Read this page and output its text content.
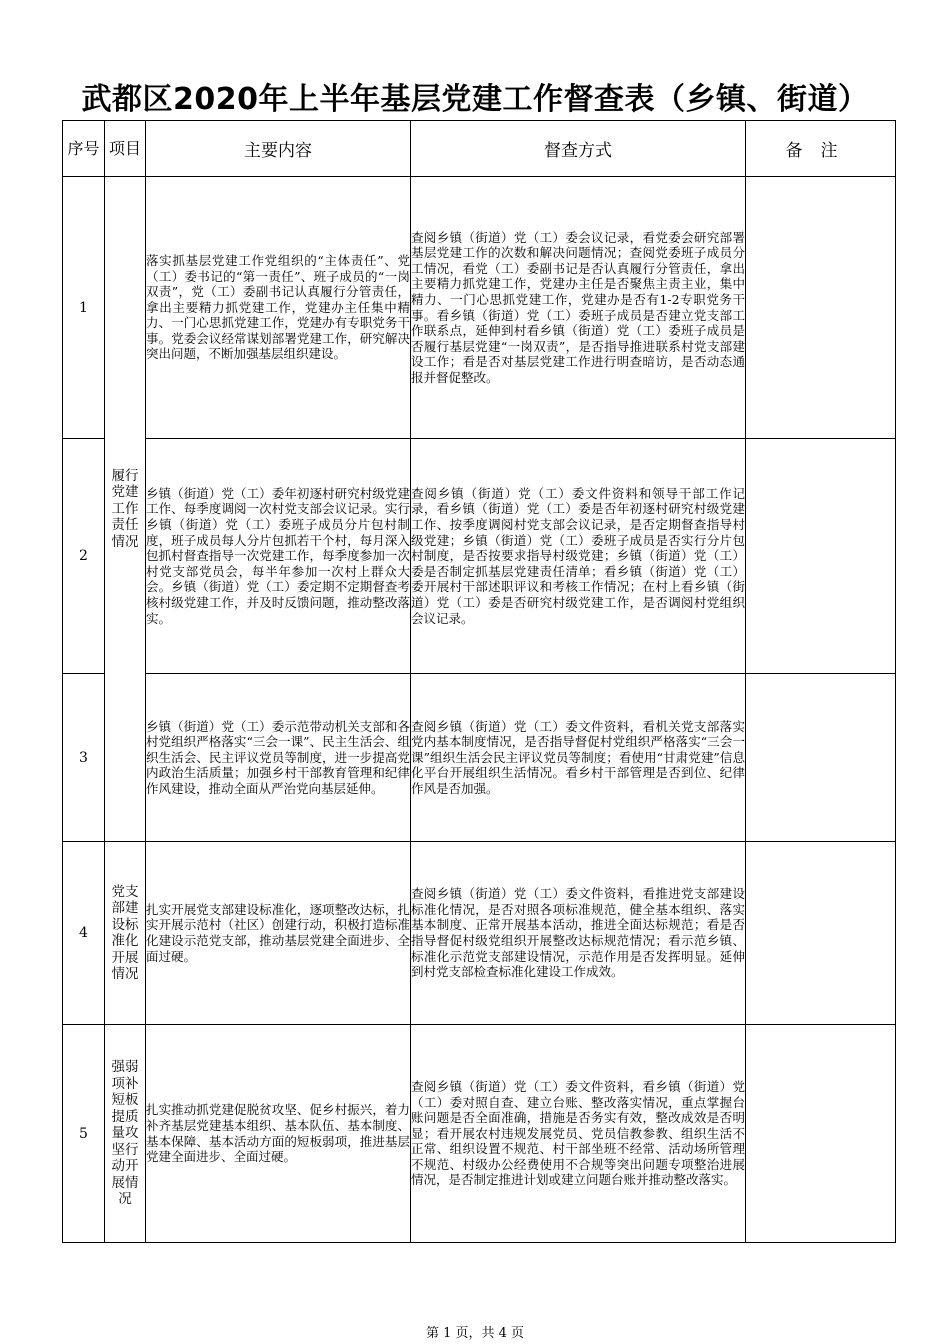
武都区2020年上半年基层党建工作督查表（乡镇、街道）
序号	项目	主要内容	督查方式	备注
1	履行党建工作责任情况	落实抓基层党建工作党组织的“主体责任”、党（工）委书记的“第一责任”、班子成员的“一岗双责”，党（工）委副书记认真履行分管责任，拿出主要精力抓党建工作，党建办主任集中精力、一门心思抓党建工作，党建办有专职党务干事。党委会议经常谋划部署党建工作，研究解决突出问题，不断加强基层组织建设。	查阅乡镇（街道）党（工）委会议记录，看党委会研究部署基层党建工作的次数和解决问题情况；查阅党委班子成员分工情况，看党（工）委副书记是否认真履行分管责任，拿出主要精力抓党建工作，党建办主任是否聚焦主责主业，集中精力、一门心思抓党建工作，党建办是否有1-2专职党务干事。看乡镇（街道）党（工）委班子成员是否建立党支部工作联系点，延伸到村看乡镇（街道）党（工）委班子成员是否履行基层党建“一岗双责”，是否指导推进联系村党支部建设工作；看是否对基层党建工作进行明查暗访，是否动态通报并督促整改。	
2		乡镇（街道）党（工）委年初逐村研究村级党建工作、每季度调阅一次村党支部会议记录。实行乡镇（街道）党（工）委班子成员分片包村制度，班子成员每人分片包抓若干个村，每月深入包抓村督查指导一次党建工作，每季度参加一次村党支部党员会，每半年参加一次村上群众大会。乡镇（街道）党（工）委定期不定期督查考核村级党建工作，并及时反馈问题，推动整改落实。	查阅乡镇（街道）党（工）委文件资料和领导干部工作记录，看乡镇（街道）党（工）委是否年初逐村研究村级党建工作、按季度调阅村党支部会议记录，是否定期督查指导村级党建；乡镇（街道）党（工）委班子成员是否实行分片包村制度，是否按要求指导村级党建；乡镇（街道）党（工）委是否制定抓基层党建责任清单；看乡镇（街道）党（工）委开展村干部述职评议和考核工作情况；在村上看乡镇（街道）党（工）委是否研究村级党建工作，是否调阅村党组织会议记录。	
3		乡镇（街道）党（工）委示范带动机关支部和各村党组织严格落实“三会一课”、民主生活会、组织生活会、民主评议党员等制度，进一步提高党内政治生活质量；加强乡村干部教育管理和纪律作风建设，推动全面从严治党向基层延伸。	查阅乡镇（街道）党（工）委文件资料，看机关党支部落实党内基本制度情况，是否指导督促村党组织严格落实“三会一课”组织生活会民主评议党员等制度；看使用“甘肃党建”信息化平台开展组织生活情况。看乡村干部管理是否到位、纪律作风是否加强。	
4	党支部建设标准化开展情况	扎实开展党支部建设标准化，逐项整改达标，扎实开展示范村（社区）创建行动，积极打造标准化建设示范党支部，推动基层党建全面进步、全面过硬。	查阅乡镇（街道）党（工）委文件资料，看推进党支部建设标准化情况，是否对照各项标准规范，健全基本组织、落实基本制度、正常开展基本活动，推进全面达标规范；看是否指导督促村级党组织开展整改达标规范情况；看示范乡镇、标准化示范党支部建设情况，示范作用是否发挥明显。延伸到村党支部检查标准化建设工作成效。	
5	强弱项补短板提质量攻坚行动开展情况	扎实推动抓党建促脱贫攻坚、促乡村振兴，着力补齐基层党建基本组织、基本队伍、基本制度、基本保障、基本活动方面的短板弱项，推进基层党建全面进步、全面过硬。	查阅乡镇（街道）党（工）委文件资料，看乡镇（街道）党（工）委对照自查、建立台账、整改落实情况，重点掌握台账问题是否全面准确，措施是否务实有效，整改成效是否明显；看开展农村违规发展党员、党员信教参教、组织生活不正常、组织设置不规范、村干部坐班不经常、活动场所管理不规范、村级办公经费使用不合规等突出问题专项整治进展情况，是否制定推进计划或建立问题台账并推动整改落实。	
第 1 页，共 4 页
